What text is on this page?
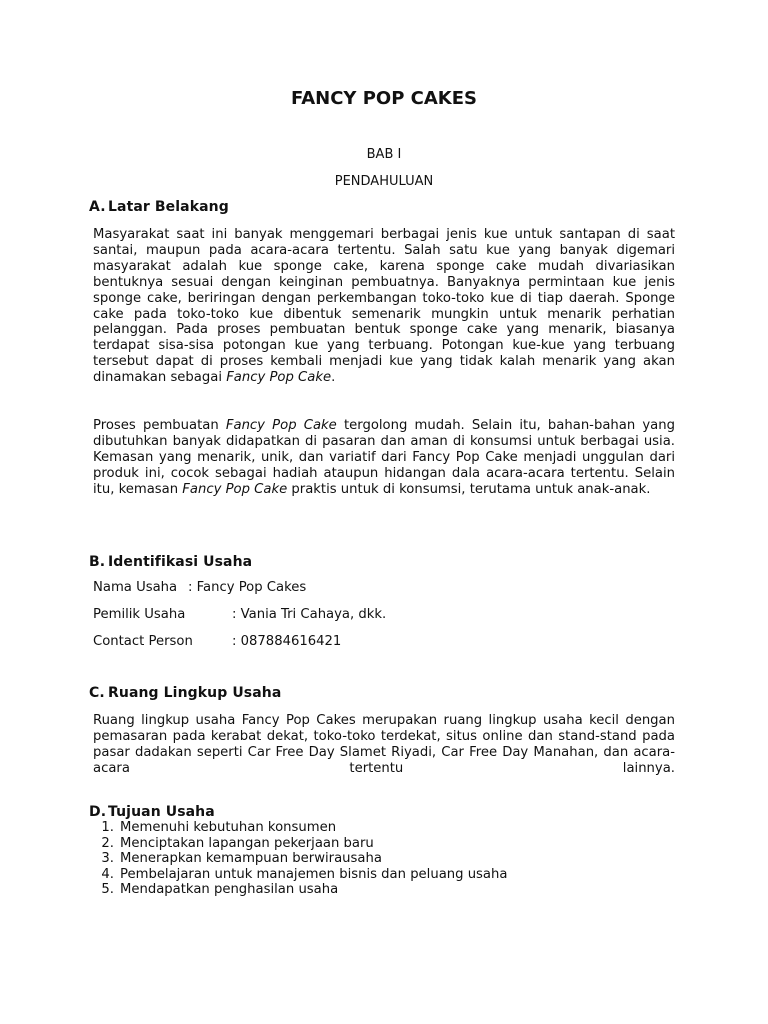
FANCY POP CAKES
BAB I
PENDAHULUAN
A. Latar Belakang

Masyarakat saat ini banyak menggemari berbagai jenis kue untuk santapan di saat santai, maupun pada acara-acara tertentu. Salah satu kue yang banyak digemari masyarakat adalah kue sponge cake, karena sponge cake mudah divariasikan bentuknya sesuai dengan keinginan pembuatnya. Banyaknya permintaan kue jenis sponge cake, beriringan dengan perkembangan toko-toko kue di tiap daerah. Sponge cake pada toko-toko kue dibentuk semenarik mungkin untuk menarik perhatian pelanggan. Pada proses pembuatan bentuk sponge cake yang menarik, biasanya terdapat sisa-sisa potongan kue yang terbuang. Potongan kue-kue yang terbuang tersebut dapat di proses kembali menjadi kue yang tidak kalah menarik yang akan dinamakan sebagai Fancy Pop Cake.

Proses pembuatan Fancy Pop Cake tergolong mudah. Selain itu, bahan-bahan yang dibutuhkan banyak didapatkan di pasaran dan aman di konsumsi untuk berbagai usia. Kemasan yang menarik, unik, dan variatif dari Fancy Pop Cake menjadi unggulan dari produk ini, cocok sebagai hadiah ataupun hidangan dala acara-acara tertentu. Selain itu, kemasan Fancy Pop Cake praktis untuk di konsumsi, terutama untuk anak-anak.

B. Identifikasi Usaha
Nama Usaha : Fancy Pop Cakes
Pemilik Usaha	: Vania Tri Cahaya, dkk.
Contact Person	: 087884616421
C. Ruang Lingkup Usaha

Ruang lingkup usaha Fancy Pop Cakes merupakan ruang lingkup usaha kecil dengan pemasaran pada kerabat dekat, toko-toko terdekat, situs online dan stand-stand pada pasar dadakan seperti Car Free Day Slamet Riyadi, Car Free Day Manahan, dan acara-acara tertentu lainnya.

D. Tujuan Usaha
1. Memenuhi kebutuhan konsumen
2. Menciptakan lapangan pekerjaan baru
3. Menerapkan kemampuan berwirausaha
4. Pembelajaran untuk manajemen bisnis dan peluang usaha
5. Mendapatkan penghasilan usaha
